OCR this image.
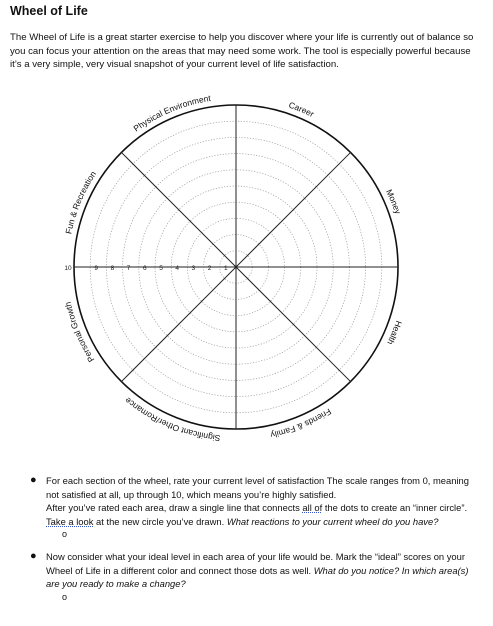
Wheel of Life
The Wheel of Life is a great starter exercise to help you discover where your life is currently out of balance so you can focus your attention on the areas that may need some work. The tool is especially powerful because it’s a very simple, very visual snapshot of your current level of life satisfaction.
10	9 8 7 6 5 4 3 2 1
Physical Environment
Career
Money
Health
Friends & Family
Significant Other/Romance
Personal Growth
Fun & Recreation
● For each section of the wheel, rate your current level of satisfaction The scale ranges from 0, meaning not satisfied at all, up through 10, which means you’re highly satisfied.
After you’ve rated each area, draw a single line that connects all of the dots to create an “inner circle”. Take a look at the new circle you’ve drawn. What reactions to your current wheel do you have?
o
● Now consider what your ideal level in each area of your life would be. Mark the “ideal” scores on your Wheel of Life in a different color and connect those dots as well. What do you notice? In which area(s) are you ready to make a change?
o
